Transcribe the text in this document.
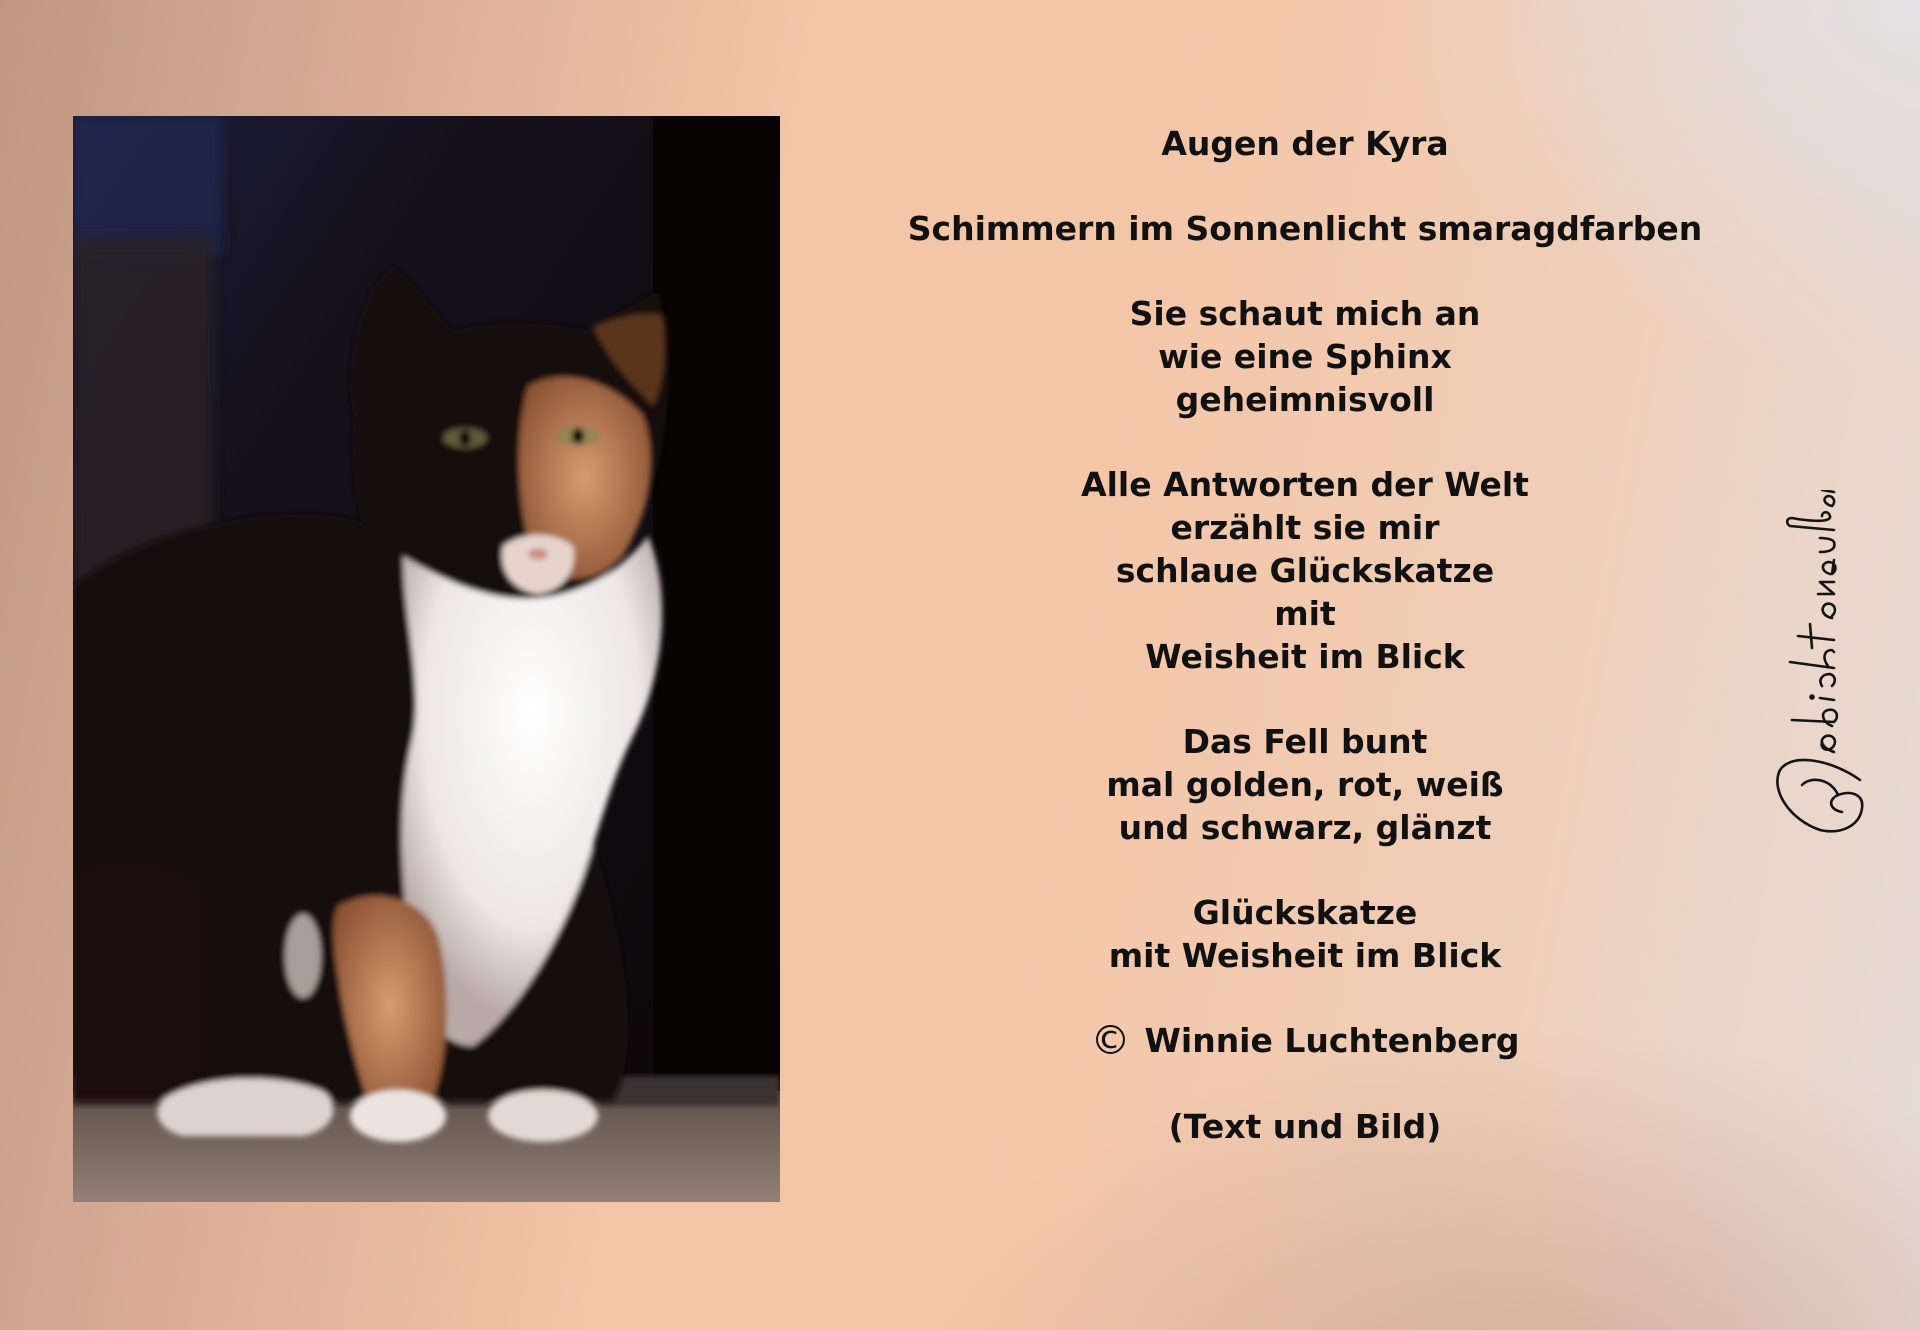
Augen der Kyra
Schimmern im Sonnenlicht smaragdfarben
Sie schaut mich an
wie eine Sphinx
geheimnisvoll
Alle Antworten der Welt
erzählt sie mir
schlaue Glückskatze
mit
Weisheit im Blick
Das Fell bunt
mal golden, rot, weiß
und schwarz, glänzt
Glückskatze
mit Weisheit im Blick
© Winnie Luchtenberg
(Text und Bild)
